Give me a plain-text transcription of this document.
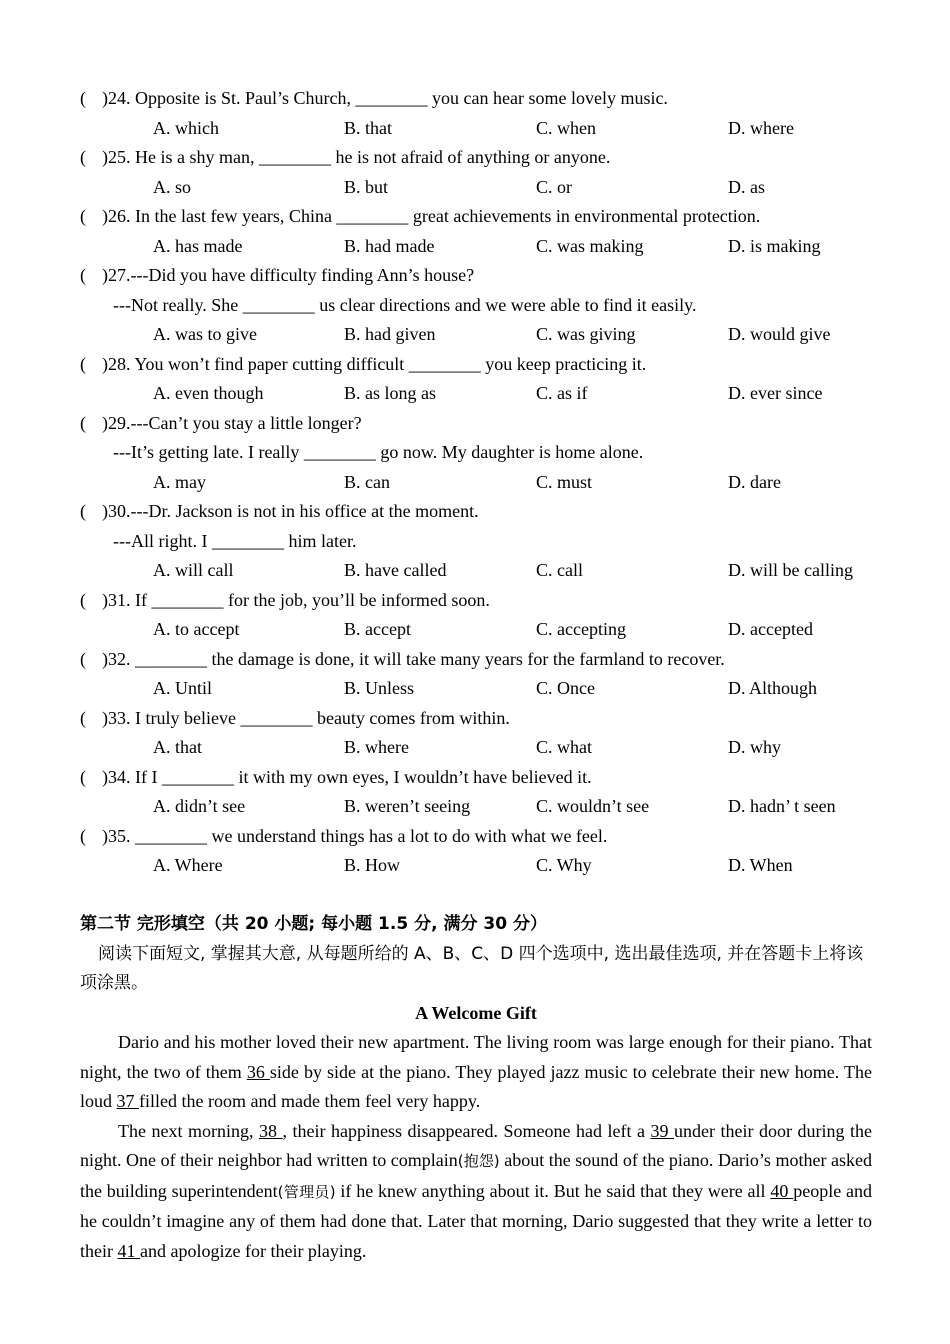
( )24. Opposite is St. Paul’s Church, ________ you can hear some lovely music.
A. which	B. that	C. when	D. where
( )25. He is a shy man, ________ he is not afraid of anything or anyone.
A. so	B. but	C. or	D. as
( )26. In the last few years, China ________ great achievements in environmental protection.
A. has made	B. had made	C. was making	D. is making
( )27.---Did you have difficulty finding Ann’s house?
---Not really. She ________ us clear directions and we were able to find it easily.
A. was to give	B. had given	C. was giving	D. would give
( )28. You won’t find paper cutting difficult ________ you keep practicing it.
A. even though	B. as long as	C. as if	D. ever since
( )29.---Can’t you stay a little longer?
---It’s getting late. I really ________ go now. My daughter is home alone.
A. may	B. can	C. must	D. dare
( )30.---Dr. Jackson is not in his office at the moment.
---All right. I ________ him later.
A. will call	B. have called	C. call	D. will be calling
( )31. If ________ for the job, you’ll be informed soon.
A. to accept	B. accept	C. accepting	D. accepted
( )32. ________ the damage is done, it will take many years for the farmland to recover.
A. Until	B. Unless	C. Once	D. Although
( )33. I truly believe ________ beauty comes from within.
A. that	B. where	C. what	D. why
( )34. If I ________ it with my own eyes, I wouldn’t have believed it.
A. didn’t see	B. weren’t seeing	C. wouldn’t see	D. hadn’ t seen
( )35. ________ we understand things has a lot to do with what we feel.
A. Where	B. How	C. Why	D. When
第二节 完形填空（共 20 小题; 每小题 1.5 分, 满分 30 分）
阅读下面短文, 掌握其大意, 从每题所给的 A、B、C、D 四个选项中, 选出最佳选项, 并在答题卡上将该项涂黑。
A Welcome Gift

Dario and his mother loved their new apartment. The living room was large enough for their piano. That night, the two of them 36 side by side at the piano. They played jazz music to celebrate their new home. The loud 37 filled the room and made them feel very happy.

The next morning, 38 , their happiness disappeared. Someone had left a 39 under their door during the night. One of their neighbor had written to complain(抱怨) about the sound of the piano. Dario’s mother asked the building superintendent(管理员) if he knew anything about it. But he said that they were all 40 people and he couldn’t imagine any of them had done that. Later that morning, Dario suggested that they write a letter to their 41 and apologize for their playing.
